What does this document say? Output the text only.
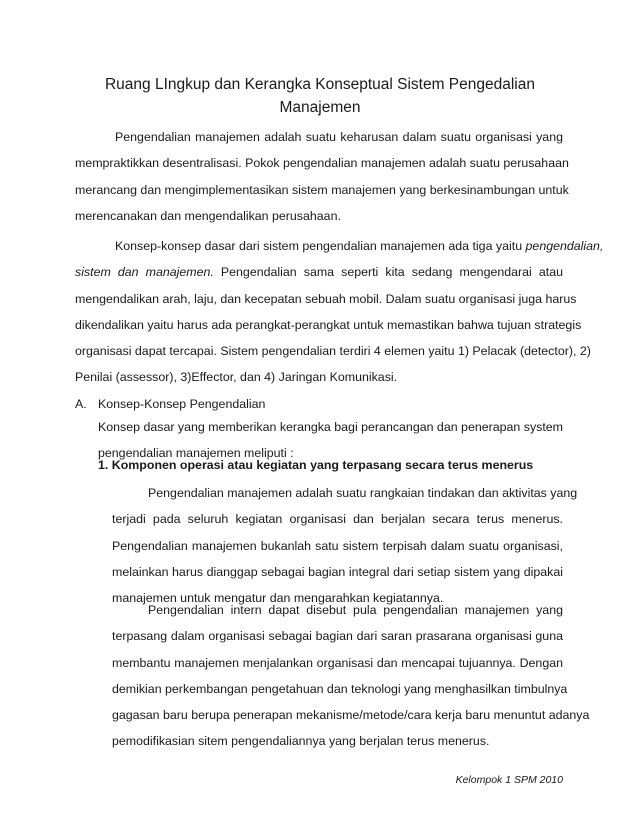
Ruang LIngkup dan Kerangka Konseptual Sistem Pengedalian
Manajemen
Pengendalian manajemen adalah suatu keharusan dalam suatu organisasi yang
mempraktikkan desentralisasi. Pokok pengendalian manajemen adalah suatu perusahaan
merancang dan mengimplementasikan sistem manajemen yang berkesinambungan untuk
merencanakan dan mengendalikan perusahaan.
Konsep-konsep dasar dari sistem pengendalian manajemen ada tiga yaitu pengendalian,
sistem dan manajemen. Pengendalian sama seperti kita sedang mengendarai atau
mengendalikan arah, laju, dan kecepatan sebuah mobil. Dalam suatu organisasi juga harus
dikendalikan yaitu harus ada perangkat-perangkat untuk memastikan bahwa tujuan strategis
organisasi dapat tercapai. Sistem pengendalian terdiri 4 elemen yaitu 1) Pelacak (detector), 2)
Penilai (assessor), 3)Effector, dan 4) Jaringan Komunikasi.
A. Konsep-Konsep Pengendalian
Konsep dasar yang memberikan kerangka bagi perancangan dan penerapan system
pengendalian manajemen meliputi :
1. Komponen operasi atau kegiatan yang terpasang secara terus menerus
Pengendalian manajemen adalah suatu rangkaian tindakan dan aktivitas yang
terjadi pada seluruh kegiatan organisasi dan berjalan secara terus menerus.
Pengendalian manajemen bukanlah satu sistem terpisah dalam suatu organisasi,
melainkan harus dianggap sebagai bagian integral dari setiap sistem yang dipakai
manajemen untuk mengatur dan mengarahkan kegiatannya.
Pengendalian intern dapat disebut pula pengendalian manajemen yang
terpasang dalam organisasi sebagai bagian dari saran prasarana organisasi guna
membantu manajemen menjalankan organisasi dan mencapai tujuannya. Dengan
demikian perkembangan pengetahuan dan teknologi yang menghasilkan timbulnya
gagasan baru berupa penerapan mekanisme/metode/cara kerja baru menuntut adanya
pemodifikasian sitem pengendaliannya yang berjalan terus menerus.
Kelompok 1 SPM 2010
